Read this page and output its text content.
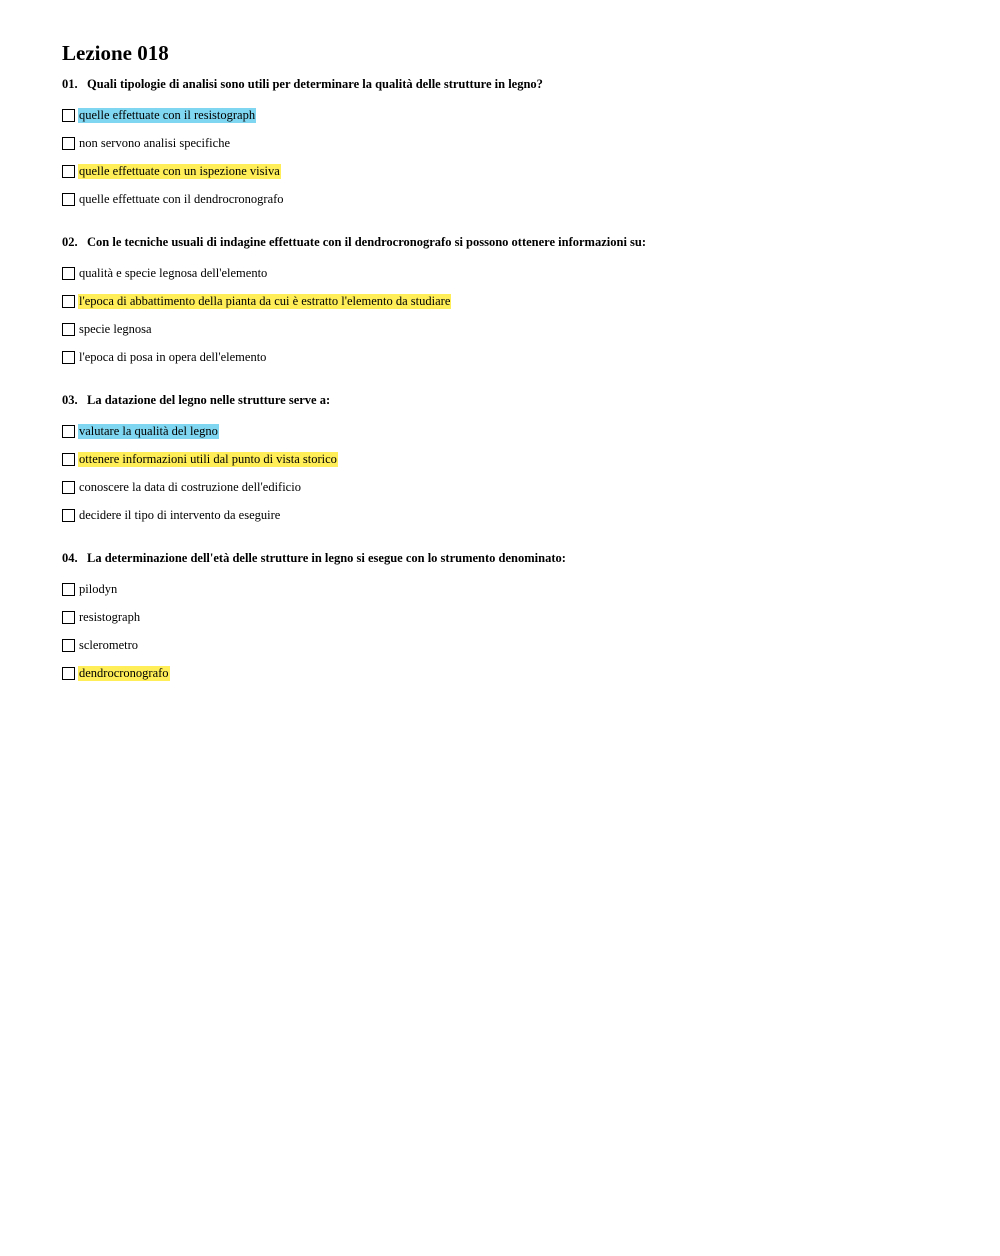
Lezione 018
01. Quali tipologie di analisi sono utili per determinare la qualità delle strutture in legno?
quelle effettuate con il resistograph
non servono analisi specifiche
quelle effettuate con un ispezione visiva
quelle effettuate con il dendrocronografo
02. Con le tecniche usuali di indagine effettuate con il dendrocronografo si possono ottenere informazioni su:
qualità e specie legnosa dell'elemento
l'epoca di abbattimento della pianta da cui è estratto l'elemento da studiare
specie legnosa
l'epoca di posa in opera dell'elemento
03. La datazione del legno nelle strutture serve a:
valutare la qualità del legno
ottenere informazioni utili dal punto di vista storico
conoscere la data di costruzione dell'edificio
decidere il tipo di intervento da eseguire
04. La determinazione dell'età delle strutture in legno si esegue con lo strumento denominato:
pilodyn
resistograph
sclerometro
dendrocronografo
